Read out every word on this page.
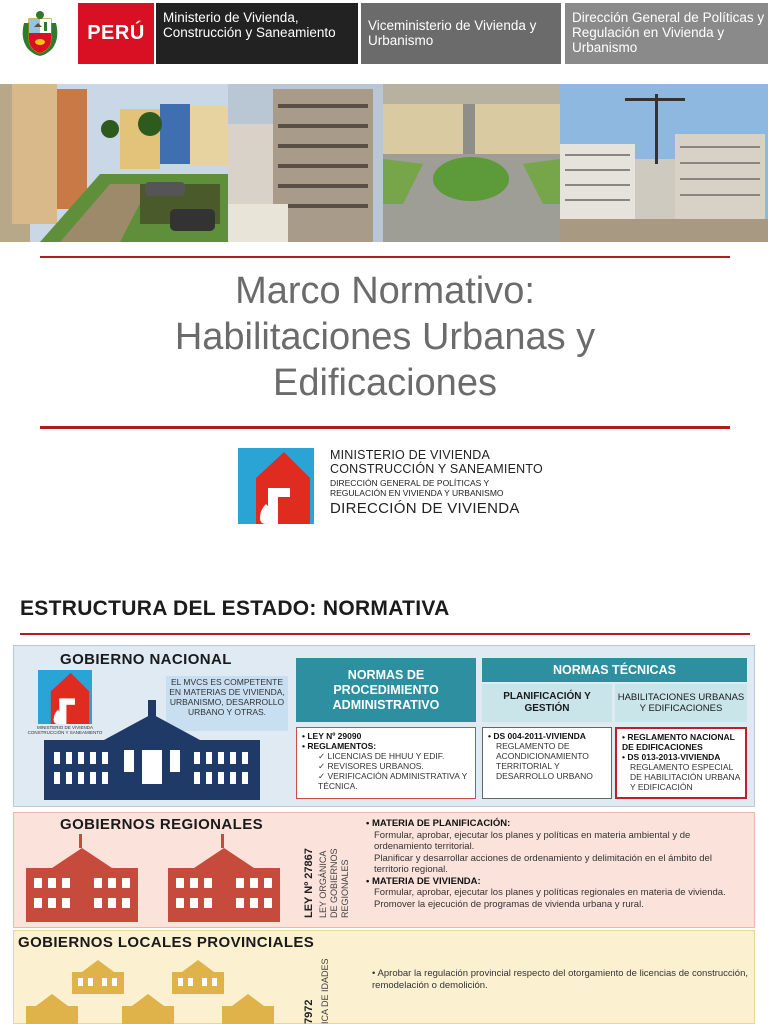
PERÚ
Ministerio de Vivienda, Construcción y Saneamiento	Viceministerio de Vivienda y Urbanismo
Dirección General de Políticas y Regulación en Vivienda y Urbanismo
Marco Normativo:
Habilitaciones Urbanas y
Edificaciones
MINISTERIO DE VIVIENDA
CONSTRUCCIÓN Y SANEAMIENTO
DIRECCIÓN GENERAL DE POLÍTICAS Y
REGULACIÓN EN VIVIENDA Y URBANISMO
DIRECCIÓN DE VIVIENDA
ESTRUCTURA DEL ESTADO: NORMATIVA
GOBIERNO NACIONAL
MINISTERIO DE VIVIENDA CONSTRUCCIÓN Y SANEAMIENTO
EL MVCS ES COMPETENTE EN MATERIAS DE VIVIENDA, URBANISMO, DESARROLLO URBANO Y OTRAS.
NORMAS DE PROCEDIMIENTO ADMINISTRATIVO
NORMAS TÉCNICAS
PLANIFICACIÓN Y GESTIÓN
HABILITACIONES URBANAS Y EDIFICACIONES
• LEY Nº 29090
• REGLAMENTOS:
✓ LICENCIAS DE HHUU Y EDIF.
✓ REVISORES URBANOS.
✓ VERIFICACIÓN ADMINISTRATIVA Y TÉCNICA.
• DS 004-2011-VIVIENDA
REGLAMENTO DE ACONDICIONAMIENTO TERRITORIAL Y DESARROLLO URBANO
• REGLAMENTO NACIONAL DE EDIFICACIONES
• DS 013-2013-VIVIENDA
REGLAMENTO ESPECIAL DE HABILITACIÓN URBANA Y EDIFICACIÓN
GOBIERNOS REGIONALES
LEY Nº 27867 LEY ORGÁNICA DE GOBIERNOS REGIONALES
• MATERIA DE PLANIFICACIÓN:
Formular, aprobar, ejecutar los planes y políticas en materia ambiental y de ordenamiento territorial.
Planificar y desarrollar acciones de ordenamiento y delimitación en el ámbito del territorio regional.
• MATERIA DE VIVIENDA:
Formular, aprobar, ejecutar los planes y políticas regionales en materia de vivienda.
Promover la ejecución de programas de vivienda urbana y rural.
GOBIERNOS LOCALES PROVINCIALES
7972 ICA DE IDADES	• Aprobar la regulación provincial respecto del otorgamiento de licencias de construcción, remodelación o demolición.
